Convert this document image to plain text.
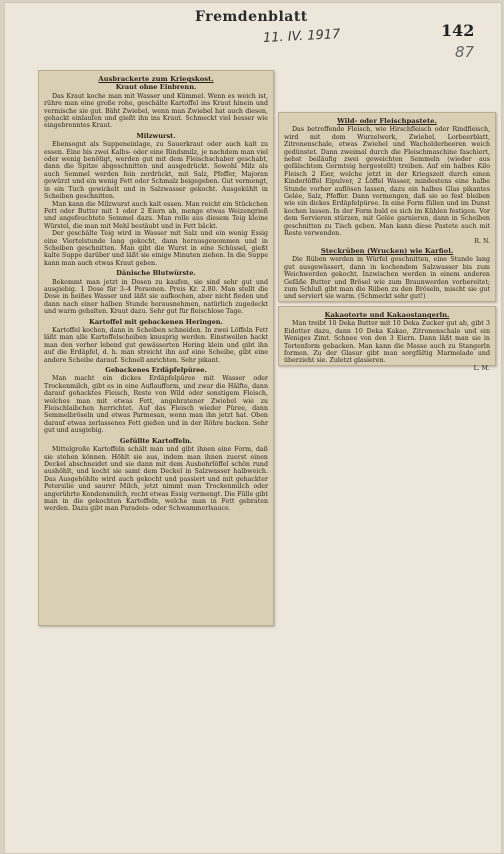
Fremdenblatt
11. IV. 1917	142
87
Ausbrackerte zum Kriegskost.
Kraut ohne Einbrenn.

Das Kraut koche man mit Wasser und Kümmel. Wenn es weich ist, rühre man eine große rohe, geschälte Kartoffel ins Kraut hinein und vermische sie gut. Bäht Zwiebel, wenn man Zwiebel hat auch diesen, gehackt einlaufen und gießt ihn ins Kraut. Schmeckt viel besser wie eingebrenntes Kraut.

Milzwurst.

Ebensogut als Suppeneinlage, zu Sauerkraut oder auch kalt zu essen. Eine bis zwei Kalbs- oder eine Rindsmilz, je nachdem man viel oder wenig benötigt, werden gut mit dem Fleischschaber geschabt, dann die Spitze abgeschnitten und ausgedrückt. Sowohl Milz als auch Semmel werden fein zerdrückt, mit Salz, Pfeffer, Majoran gewürzt und ein wenig Fett oder Schmalz beigegeben. Gut vermengt, in ein Tuch gewickelt und in Salzwasser gekocht. Ausgekühlt in Scheiben geschnitten.

Man kann die Milzwurst auch kalt essen. Man reicht ein Stückchen Fett oder Butter mit 1 oder 2 Eiern ab, menge etwas Weizengrieß und angefeuchtete Semmel dazu. Man rolle aus diesem Teig kleine Würstel, die man mit Mehl bestäubt und in Fett bäckt.

Der geschälte Teig wird in Wasser mit Salz und ein wenig Essig eine Viertelstunde lang gekocht, dann herausgenommen und in Scheiben geschnitten. Man gibt die Wurst in eine Schüssel, gießt kalte Suppe darüber und läßt sie einige Minuten ziehen. In die Suppe kann man auch etwas Kraut geben.

Dänische Blutwürste.

Bekommt man jetzt in Dosen zu kaufen, sie sind sehr gut und ausgiebig. 1 Dose für 3–4 Personen. Preis Kr. 2.80. Man stellt die Dose in heißes Wasser und läßt sie aufkochen, aber nicht fieden und dann nach einer halben Stunde herausnehmen, natürlich zugedeckt und warm gehalten. Kraut dazu. Sehr gut für fleischlose Tage.

Kartoffel mit gebackenen Heringen.

Kartoffel kochen, dann in Scheiben schneiden. In zwei Löffeln Fett läßt man alle Kartoffelscheiben knusprig werden. Einstweilen hackt man den vorher lebend gut gewässerten Hering klein und gibt ihn auf die Erdäpfel, d. h. man streicht ihn auf eine Scheibe, gibt eine andere Scheibe darauf. Schnell anrichten. Sehr pikant.

Gebackenes Erdäpfelpüree.

Man macht ein dickes Erdäpfelpüree mit Wasser oder Trockenmilch, gibt es in eine Auflaufform, und zwar die Hälfte, dann darauf gehacktes Fleisch, Reste von Wild oder sonstigem Fleisch, welches man mit etwas Fett, angebratener Zwiebel wie zu Fleischlaibchen herrichtet. Auf das Fleisch wieder Püree, dann Semmelbröseln und etwas Parmesan, wenn man ihn jetzt hat. Oben darauf etwas zerlassenes Fett gießen und in der Röhre backen. Sehr gut und ausgiebig.

Gefüllte Kartoffeln.

Mittelgroße Kartoffeln schält man und gibt ihnen eine Form, daß sie stehen können. Höhlt sie aus, indem man ihnen zuerst einen Deckel abschneidet und sie dann mit dem Ausbohrlöffel schön rund aushöhlt, und kocht sie samt dem Deckel in Salzwasser halbweich. Das Ausgehöhlte wird auch gekocht und passiert und mit gehackter Petersilie und saurer Milch, jetzt nimmt man Trockenmilch oder angerührte Kondensmilch, recht etwas Essig vermengt. Die Fülle gibt man in die gekochten Kartoffeln, welche man in Fett gebraten werden. Dazu gibt man Paradeis- oder Schwammerlsauce.

Wild- oder Fleischpastete.

Das betreffende Fleisch, wie Hirschfleisch oder Rindfleisch, wird mit dem Wurzelwerk, Zwiebel, Lorbeerblatt, Zitronenschale, etwas Zwiebel und Wacholderbeeren weich gedünstet. Dann zweimal durch die Fleischmaschine faschiert, nebst beiläufig zwei geweichten Semmeln (wieder aus gefälschtem Germteig hergestellt) treiben. Auf ein halbes Kilo Fleisch 2 Eier, welche jetzt in der Kriegszeit durch einen Kinderlöffel Eipulver, 2 Löffel Wasser, mindestens eine halbe Stunde vorher auflösen lassen, dazu ein halbes Glas pikantes Gelée, Salz, Pfeffer. Dann vermengen, daß sie so fest bleiben wie ein dickes Erdäpfelpüree. In eine Form füllen und im Dunst kochen lassen. In der Form bald es sich im Kühlen festigen. Vor dem Servieren stürzen, mit Gelée garnieren, dann in Scheiben geschnitten zu Tisch geben. Man kann diese Pastete auch mit Reste verwenden.

R. N.

Steckrüben (Wrucken) wie Karfiol.

Die Rüben werden in Würfel geschnitten, eine Stunde lang gut ausgewässert, dann in kochendem Salzwasser bis zum Weichwerden gekocht. Inzwischen werden in einem anderen Gefäße Butter und Brösel wie zum Braunwerden vorbereitet; zum Schluß gibt man die Rüben zu den Bröseln, mischt sie gut und serviert sie warm. (Schmeckt sehr gut!)

Kakaotorte und Kakaostangerln.

Man treibt 10 Deka Butter mit 10 Deka Zucker gut ab, gibt 3 Eidotter dazu, dann 10 Deka Kakao, Zitronenschale und ein Weniges Zimt. Schnee von den 3 Eiern. Dann läßt man sie in Tortenform gebacken. Man kann die Masse auch zu Stangerln formen. Zu der Glasur gibt man sorgfältig Marmelade und überzieht sie. Zuletzt glasieren.

L. M.
